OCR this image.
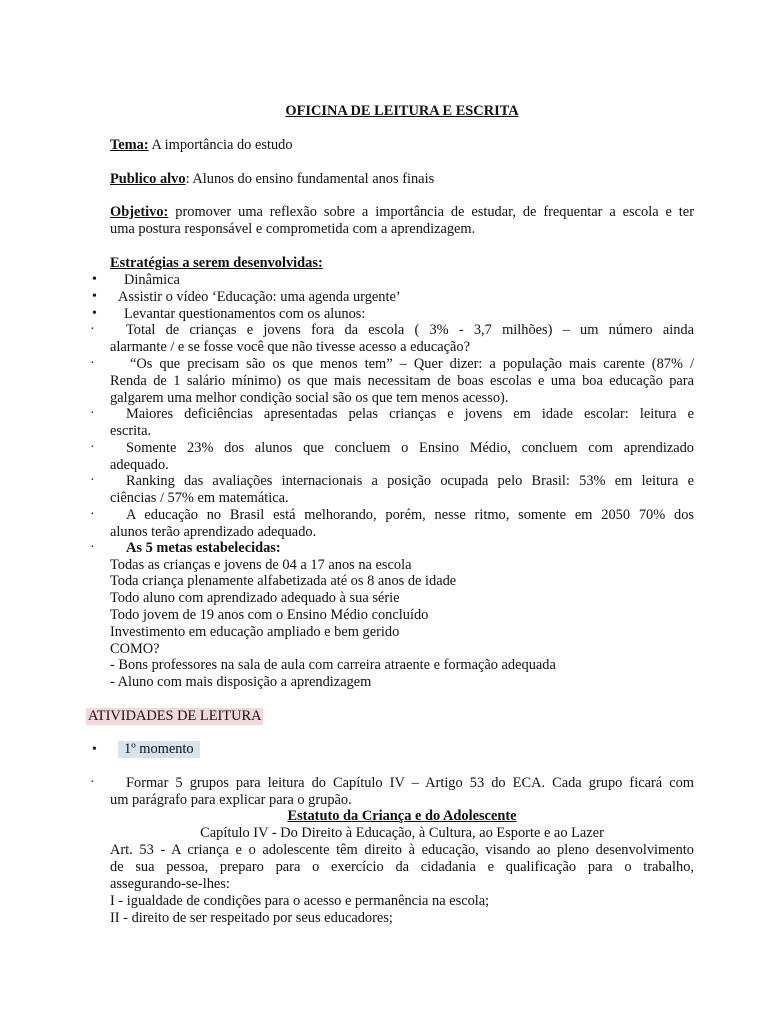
OFICINA DE LEITURA E ESCRITA
Tema: A importância do estudo
Publico alvo: Alunos do ensino fundamental anos finais
Objetivo: promover uma reflexão sobre a importância de estudar, de frequentar a escola e ter
uma postura responsável e comprometida com a aprendizagem.
Estratégias a serem desenvolvidas:
• Dinâmica
• Assistir o vídeo ‘Educação: uma agenda urgente’
• Levantar questionamentos com os alunos:
· Total de crianças e jovens fora da escola ( 3% - 3,7 milhões) – um número ainda
alarmante / e se fosse você que não tivesse acesso a educação?
· “Os que precisam são os que menos tem” – Quer dizer: a população mais carente (87% /
Renda de 1 salário mínimo) os que mais necessitam de boas escolas e uma boa educação para
galgarem uma melhor condição social são os que tem menos acesso).
· Maiores deficiências apresentadas pelas crianças e jovens em idade escolar: leitura e
escrita.
· Somente 23% dos alunos que concluem o Ensino Médio, concluem com aprendizado
adequado.
· Ranking das avaliações internacionais a posição ocupada pelo Brasil: 53% em leitura e
ciências / 57% em matemática.
· A educação no Brasil está melhorando, porém, nesse ritmo, somente em 2050 70% dos
alunos terão aprendizado adequado.
· As 5 metas estabelecidas:
Todas as crianças e jovens de 04 a 17 anos na escola
Toda criança plenamente alfabetizada até os 8 anos de idade
Todo aluno com aprendizado adequado à sua série
Todo jovem de 19 anos com o Ensino Médio concluído
Investimento em educação ampliado e bem gerido
COMO?
- Bons professores na sala de aula com carreira atraente e formação adequada
- Aluno com mais disposição a aprendizagem
ATIVIDADES DE LEITURA
•	1º momento
· Formar 5 grupos para leitura do Capítulo IV – Artigo 53 do ECA. Cada grupo ficará com
um parágrafo para explicar para o grupão.
Estatuto da Criança e do Adolescente
Capítulo IV - Do Direito à Educação, à Cultura, ao Esporte e ao Lazer
Art. 53 - A criança e o adolescente têm direito à educação, visando ao pleno desenvolvimento
de sua pessoa, preparo para o exercício da cidadania e qualificação para o trabalho,
assegurando-se-lhes:
I - igualdade de condições para o acesso e permanência na escola;
II - direito de ser respeitado por seus educadores;
